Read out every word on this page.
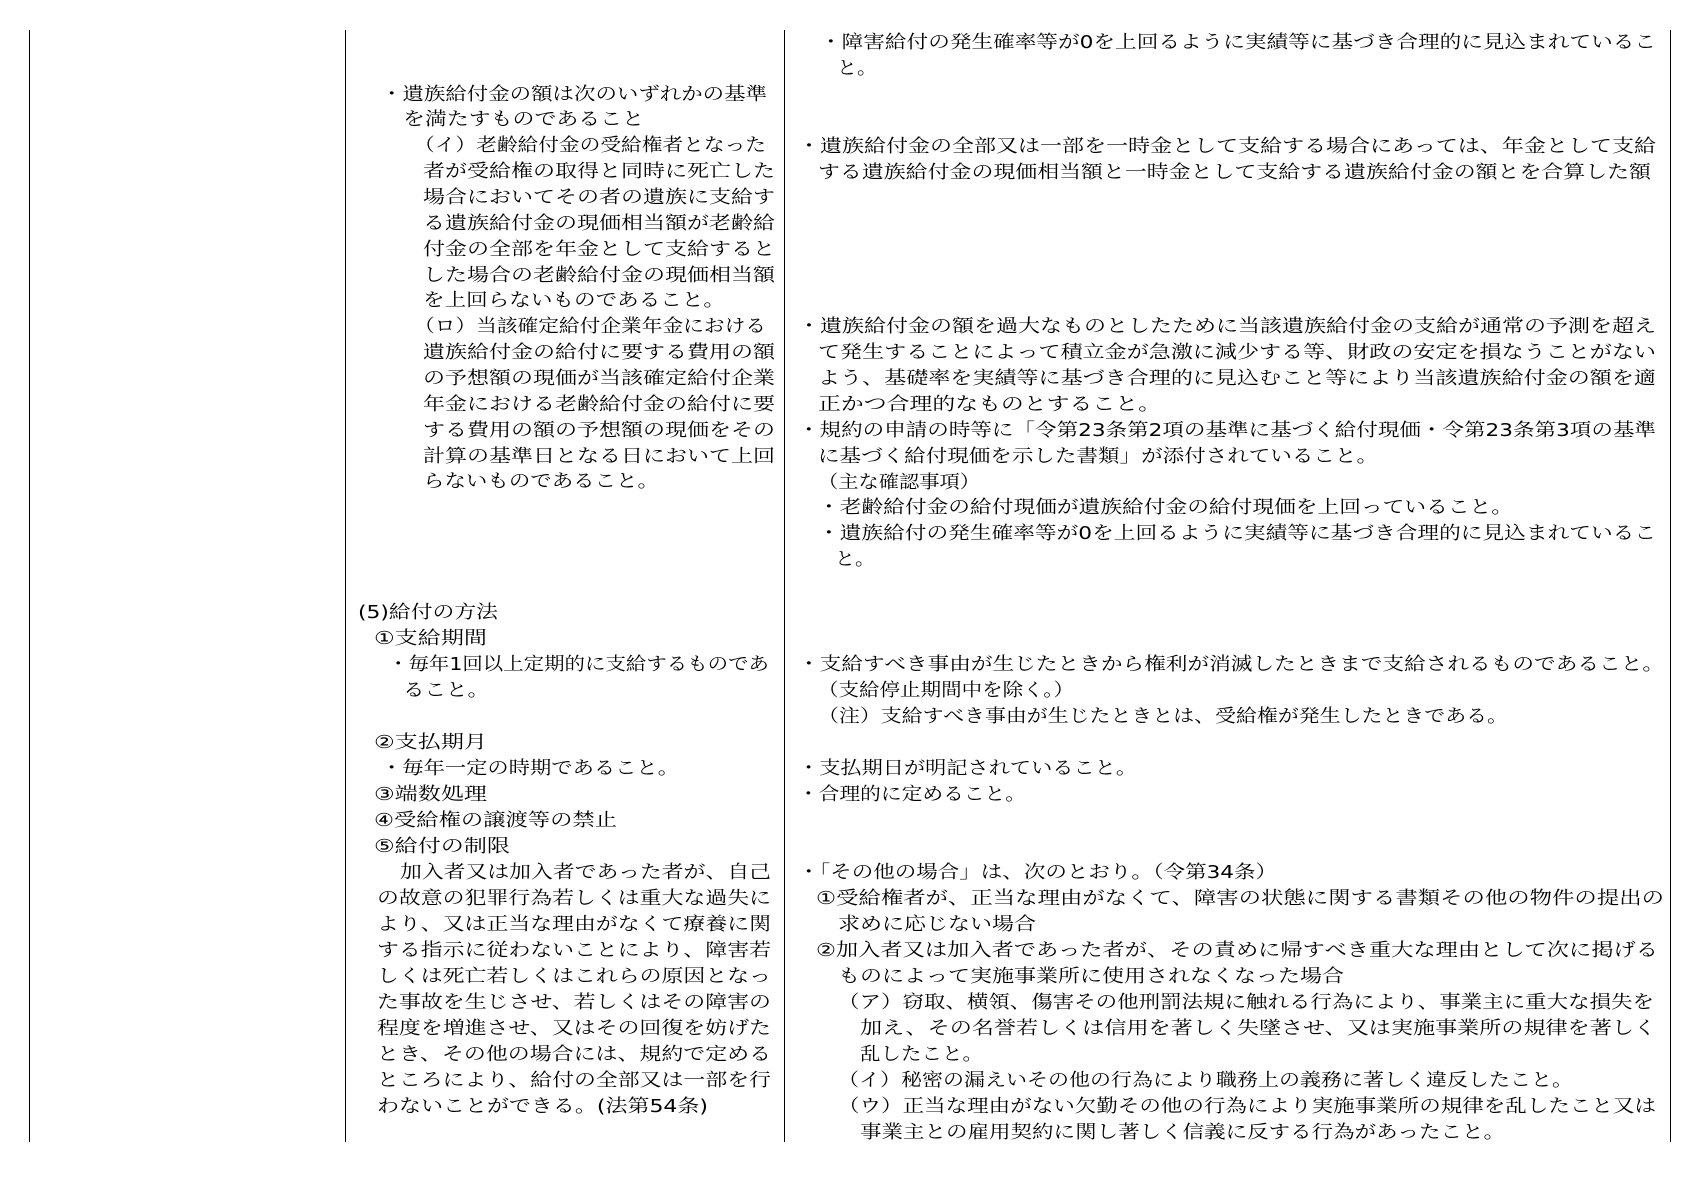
・遺族給付金の額は次のいずれかの基準
を満たすものであること
（イ）老齢給付金の受給権者となった
者が受給権の取得と同時に死亡した
場合においてその者の遺族に支給す
る遺族給付金の現価相当額が老齢給
付金の全部を年金として支給すると
した場合の老齢給付金の現価相当額
を上回らないものであること。
（ロ）当該確定給付企業年金における
遺族給付金の給付に要する費用の額
の予想額の現価が当該確定給付企業
年金における老齢給付金の給付に要
する費用の額の予想額の現価をその
計算の基準日となる日において上回
らないものであること。
(5)給付の方法
①支給期間
・毎年1回以上定期的に支給するものであ
ること。
②支払期月
・毎年一定の時期であること。
③端数処理
④受給権の譲渡等の禁止
⑤給付の制限
加入者又は加入者であった者が、自己
の故意の犯罪行為若しくは重大な過失に
より、又は正当な理由がなくて療養に関
する指示に従わないことにより、障害若
しくは死亡若しくはこれらの原因となっ
た事故を生じさせ、若しくはその障害の
程度を増進させ、又はその回復を妨げた
とき、その他の場合には、規約で定める
ところにより、給付の全部又は一部を行
わないことができる。(法第54条)
・障害給付の発生確率等が0を上回るように実績等に基づき合理的に見込まれているこ
と。
・遺族給付金の全部又は一部を一時金として支給する場合にあっては、年金として支給
する遺族給付金の現価相当額と一時金として支給する遺族給付金の額とを合算した額
・遺族給付金の額を過大なものとしたために当該遺族給付金の支給が通常の予測を超え
て発生することによって積立金が急激に減少する等、財政の安定を損なうことがない
よう、基礎率を実績等に基づき合理的に見込むこと等により当該遺族給付金の額を適
正かつ合理的なものとすること。
・規約の申請の時等に「令第23条第2項の基準に基づく給付現価・令第23条第3項の基準
に基づく給付現価を示した書類」が添付されていること。
（主な確認事項）
・老齢給付金の給付現価が遺族給付金の給付現価を上回っていること。
・遺族給付の発生確率等が0を上回るように実績等に基づき合理的に見込まれているこ
と。
・支給すべき事由が生じたときから権利が消滅したときまで支給されるものであること。
（支給停止期間中を除く。）
（注）支給すべき事由が生じたときとは、受給権が発生したときである。
・支払期日が明記されていること。
・合理的に定めること。
・「その他の場合」は、次のとおり。（令第34条）
①受給権者が、正当な理由がなくて、障害の状態に関する書類その他の物件の提出の
求めに応じない場合
②加入者又は加入者であった者が、その責めに帰すべき重大な理由として次に掲げる
ものによって実施事業所に使用されなくなった場合
（ア）窃取、横領、傷害その他刑罰法規に触れる行為により、事業主に重大な損失を
加え、その名誉若しくは信用を著しく失墜させ、又は実施事業所の規律を著しく
乱したこと。
（イ）秘密の漏えいその他の行為により職務上の義務に著しく違反したこと。
（ウ）正当な理由がない欠勤その他の行為により実施事業所の規律を乱したこと又は
事業主との雇用契約に関し著しく信義に反する行為があったこと。
